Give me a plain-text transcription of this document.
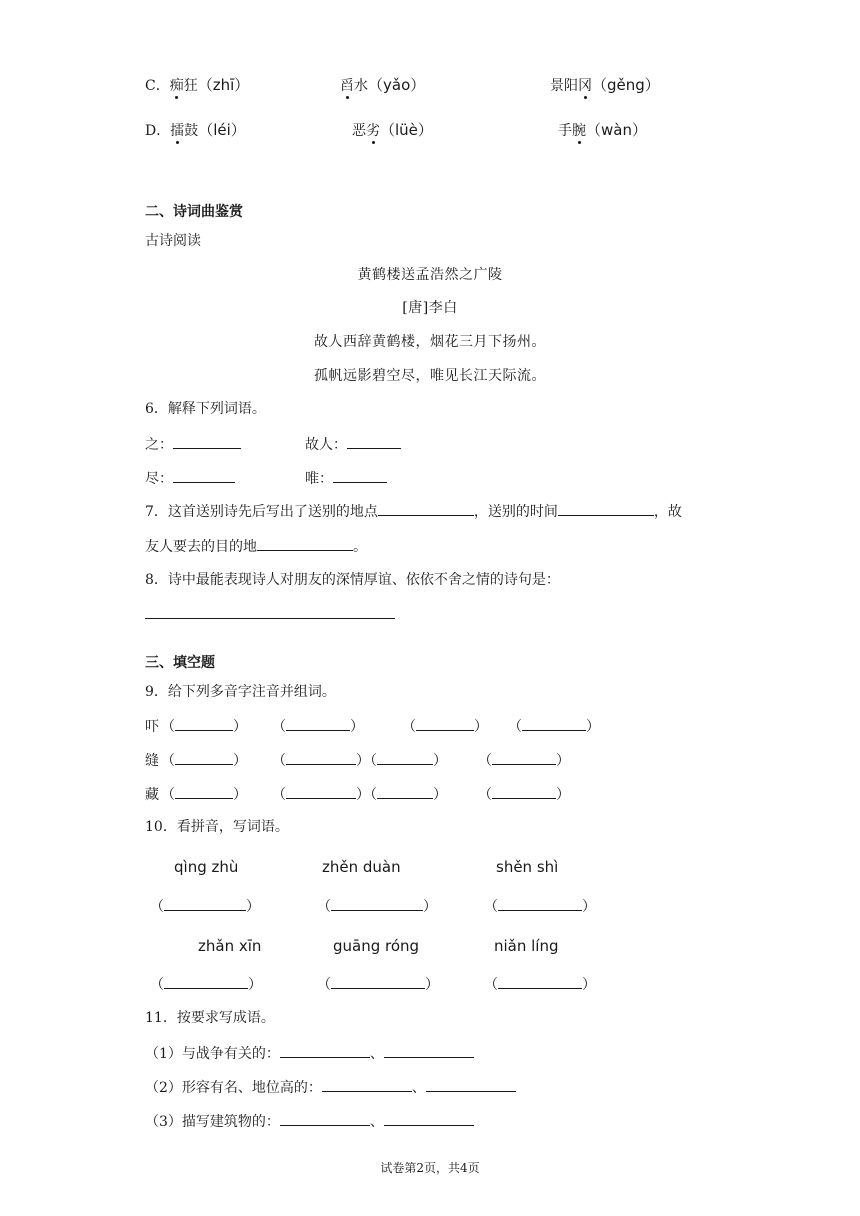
C．痴狂（zhī）	舀水（yǎo）	景阳冈（gěng）
D．擂鼓（léi）	恶劣（lüè）	手腕（wàn）
二、诗词曲鉴赏
古诗阅读
黄鹤楼送孟浩然之广陵
[唐]李白
故人西辞黄鹤楼，烟花三月下扬州。
孤帆远影碧空尽，唯见长江天际流。
6．解释下列词语。
之：	故人：
尽：	唯：
7．这首送别诗先后写出了送别的地点	，送别的时间	，故
友人要去的目的地	。
8．诗中最能表现诗人对朋友的深情厚谊、依依不舍之情的诗句是：
三、填空题
9．给下列多音字注音并组词。
吓 （	） （	）	（	） （	）
缝 （	） （	）（	） （	）
藏 （	） （	）（	） （	）
10．看拼音，写词语。
qìng zhù	zhěn duàn	shěn shì
（	）	（	）	（	）
zhǎn xīn	guāng róng	niǎn líng
（	）	（	）	（	）
11．按要求写成语。
（1）与战争有关的：	、
（2）形容有名、地位高的：	、
（3）描写建筑物的：	、
试卷第2页，共4页
